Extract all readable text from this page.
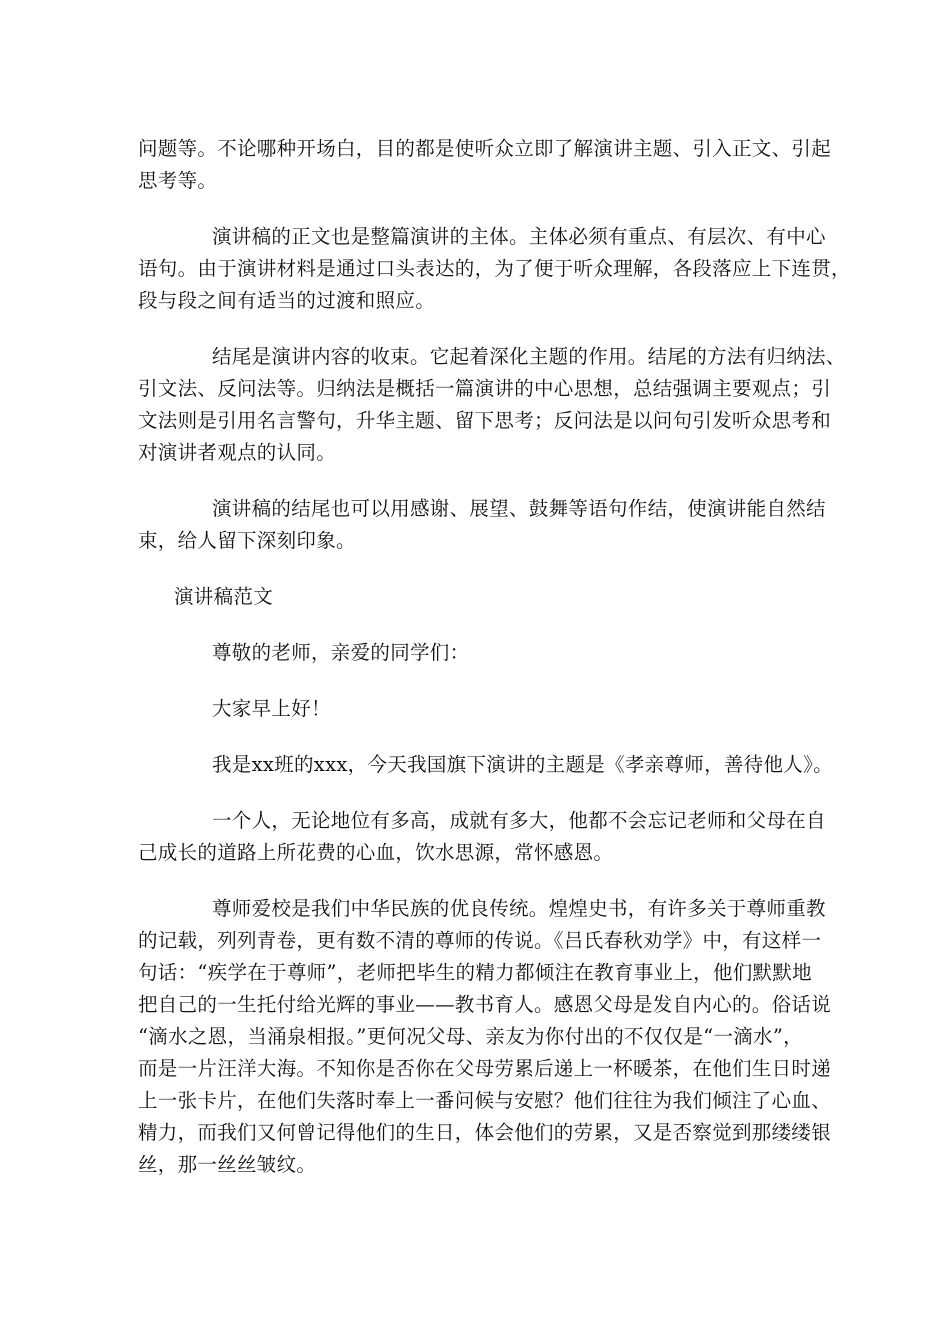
问题等。不论哪种开场白，目的都是使听众立即了解演讲主题、引入正文、引起
思考等。

演讲稿的正文也是整篇演讲的主体。主体必须有重点、有层次、有中心
语句。由于演讲材料是通过口头表达的，为了便于听众理解，各段落应上下连贯，
段与段之间有适当的过渡和照应。

结尾是演讲内容的收束。它起着深化主题的作用。结尾的方法有归纳法、
引文法、反问法等。归纳法是概括一篇演讲的中心思想，总结强调主要观点；引
文法则是引用名言警句，升华主题、留下思考；反问法是以问句引发听众思考和
对演讲者观点的认同。

演讲稿的结尾也可以用感谢、展望、鼓舞等语句作结，使演讲能自然结
束，给人留下深刻印象。

演讲稿范文

尊敬的老师，亲爱的同学们：

大家早上好！

我是xx班的xxx，今天我国旗下演讲的主题是《孝亲尊师，善待他人》。

一个人，无论地位有多高，成就有多大，他都不会忘记老师和父母在自
己成长的道路上所花费的心血，饮水思源，常怀感恩。

尊师爱校是我们中华民族的优良传统。煌煌史书，有许多关于尊师重教
的记载，列列青卷，更有数不清的尊师的传说。《吕氏春秋劝学》中，有这样一
句话：“疾学在于尊师”，老师把毕生的精力都倾注在教育事业上，他们默默地
把自己的一生托付给光辉的事业——教书育人。感恩父母是发自内心的。俗话说
“滴水之恩，当涌泉相报。”更何况父母、亲友为你付出的不仅仅是“一滴水”，
而是一片汪洋大海。不知你是否你在父母劳累后递上一杯暖茶，在他们生日时递
上一张卡片，在他们失落时奉上一番问候与安慰？他们往往为我们倾注了心血、
精力，而我们又何曾记得他们的生日，体会他们的劳累，又是否察觉到那缕缕银
丝，那一丝丝皱纹。
